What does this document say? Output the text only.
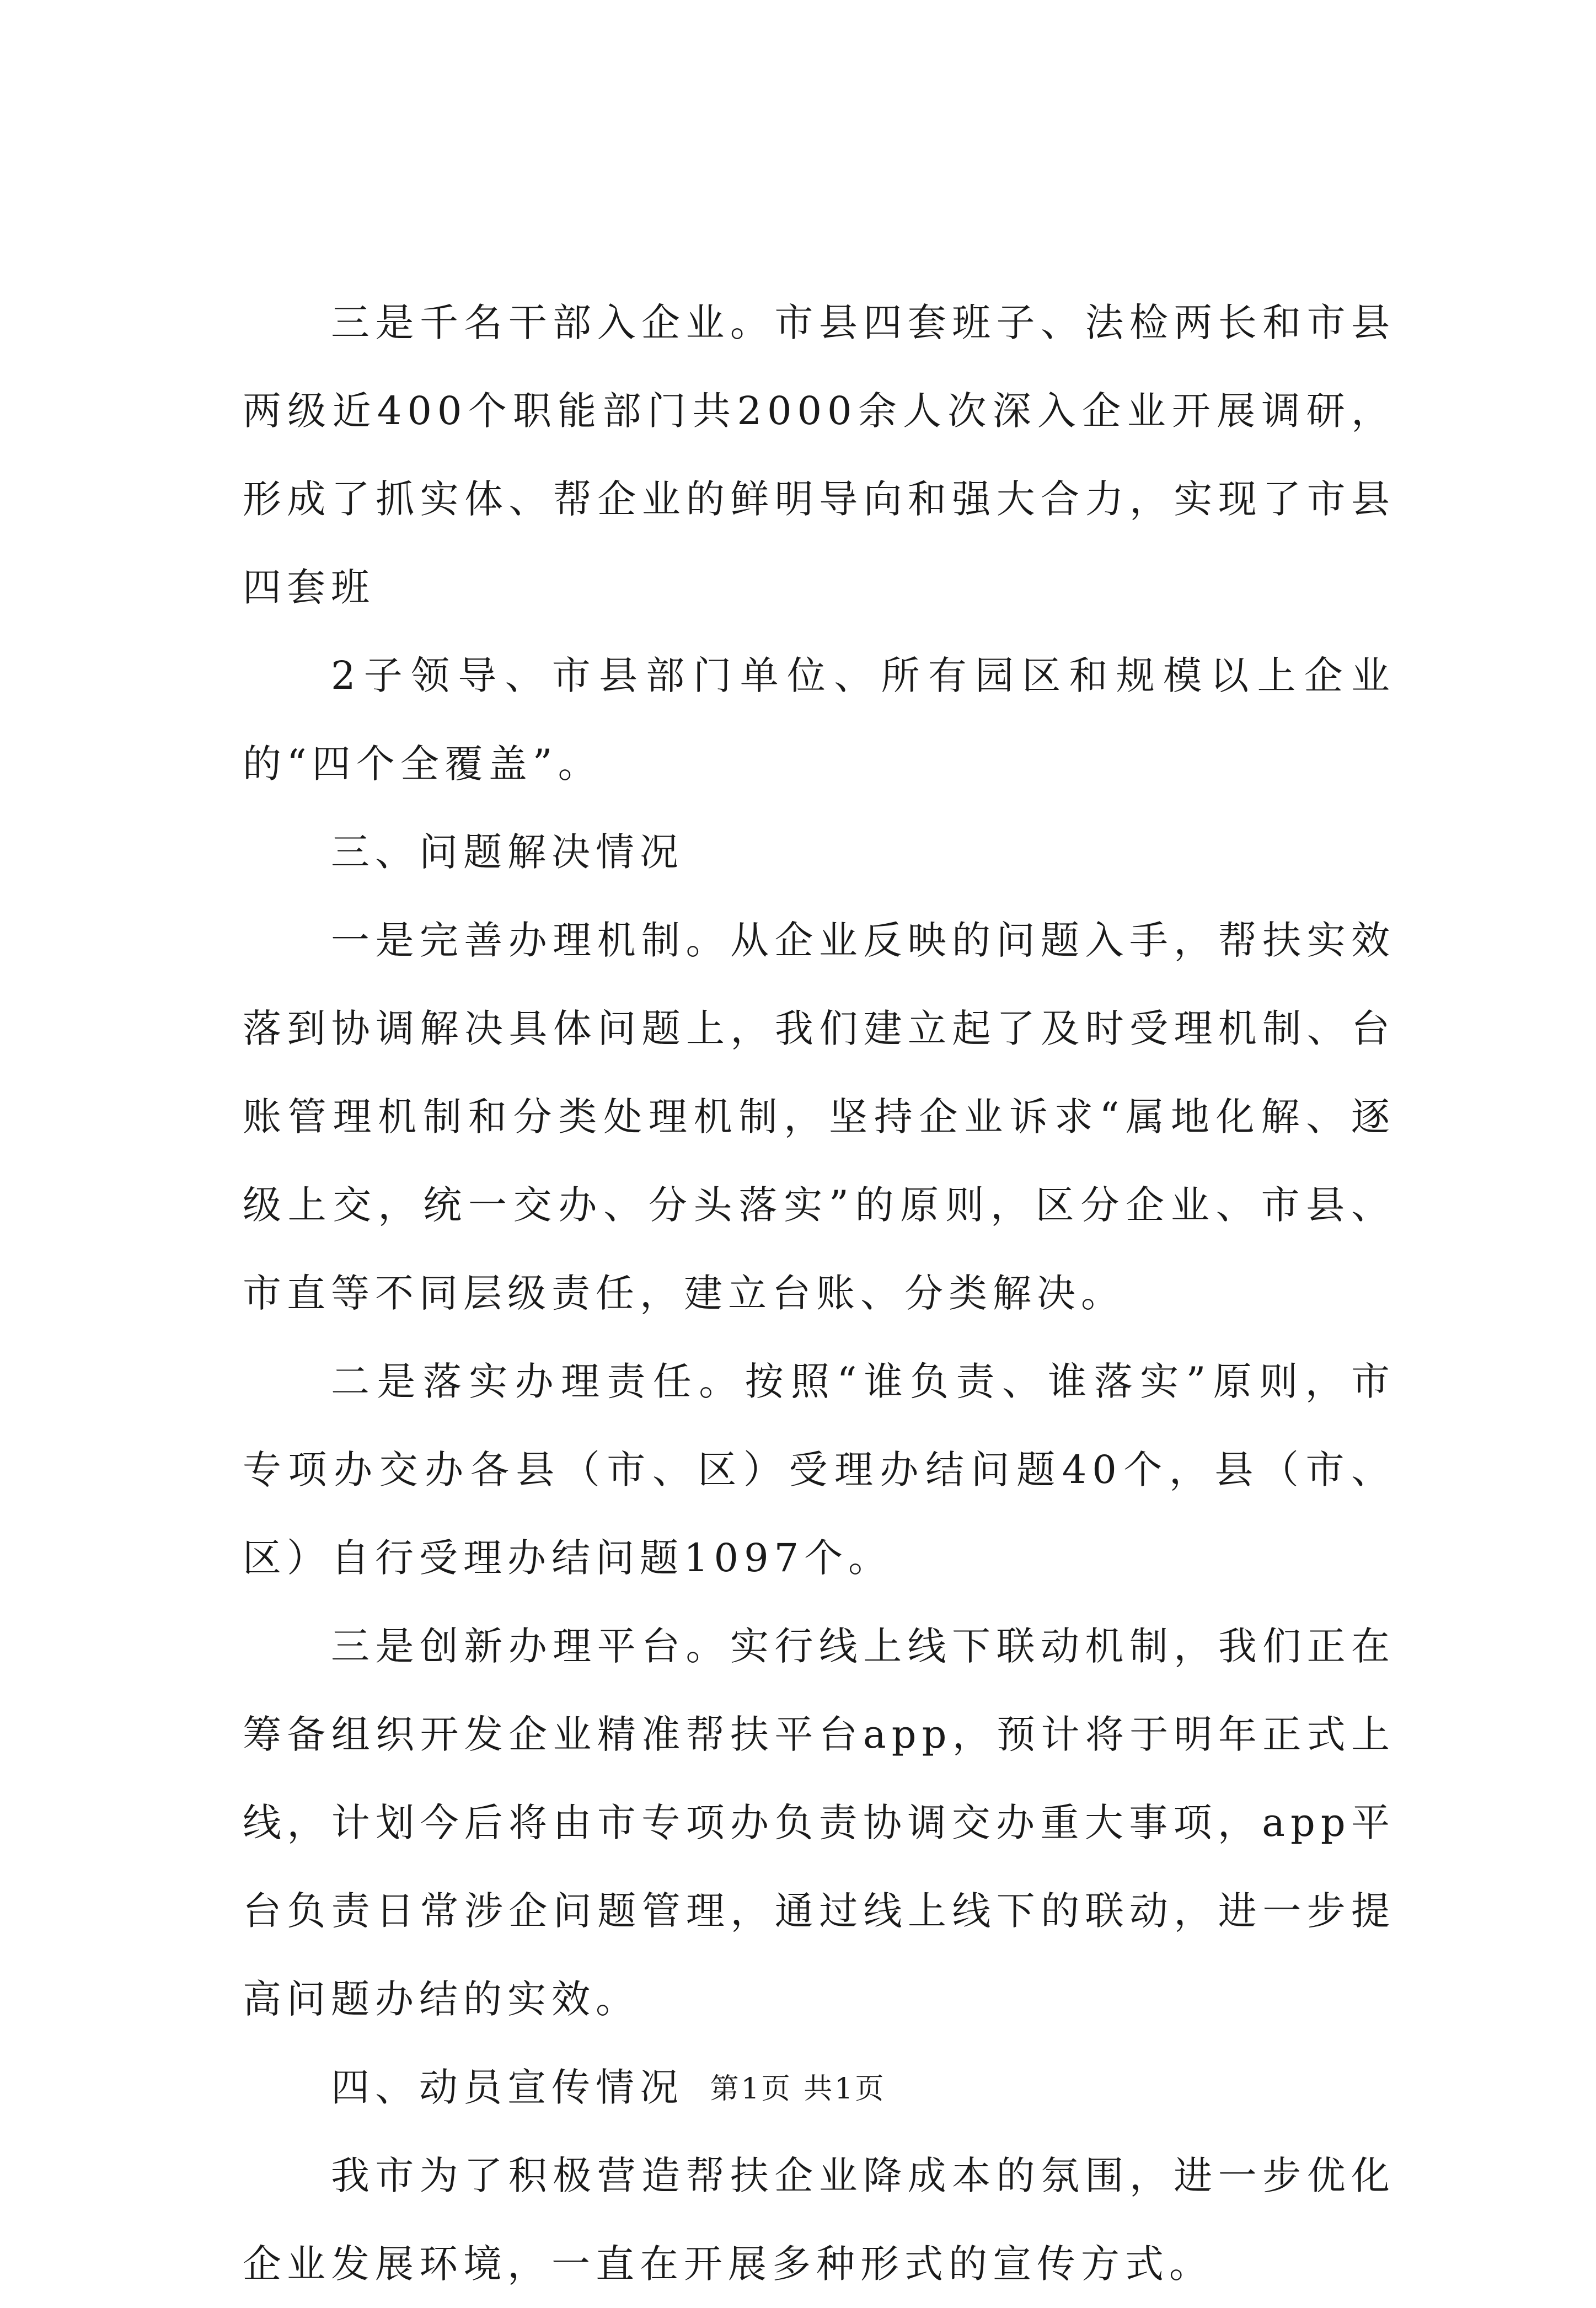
三是千名干部入企业。市县四套班子、法检两长和市县两级近400个职能部门共2000余人次深入企业开展调研，形成了抓实体、帮企业的鲜明导向和强大合力，实现了市县四套班

2子领导、市县部门单位、所有园区和规模以上企业的“四个全覆盖”。

三、问题解决情况

一是完善办理机制。从企业反映的问题入手，帮扶实效落到协调解决具体问题上，我们建立起了及时受理机制、台账管理机制和分类处理机制，坚持企业诉求“属地化解、逐级上交，统一交办、分头落实”的原则，区分企业、市县、市直等不同层级责任，建立台账、分类解决。

二是落实办理责任。按照“谁负责、谁落实”原则，市专项办交办各县（市、区）受理办结问题40个，县（市、区）自行受理办结问题1097个。

三是创新办理平台。实行线上线下联动机制，我们正在筹备组织开发企业精准帮扶平台app，预计将于明年正式上线，计划今后将由市专项办负责协调交办重大事项，app平台负责日常涉企问题管理，通过线上线下的联动，进一步提高问题办结的实效。

四、动员宣传情况

我市为了积极营造帮扶企业降成本的氛围，进一步优化企业发展环境，一直在开展多种形式的宣传方式。

第1页 共1页
